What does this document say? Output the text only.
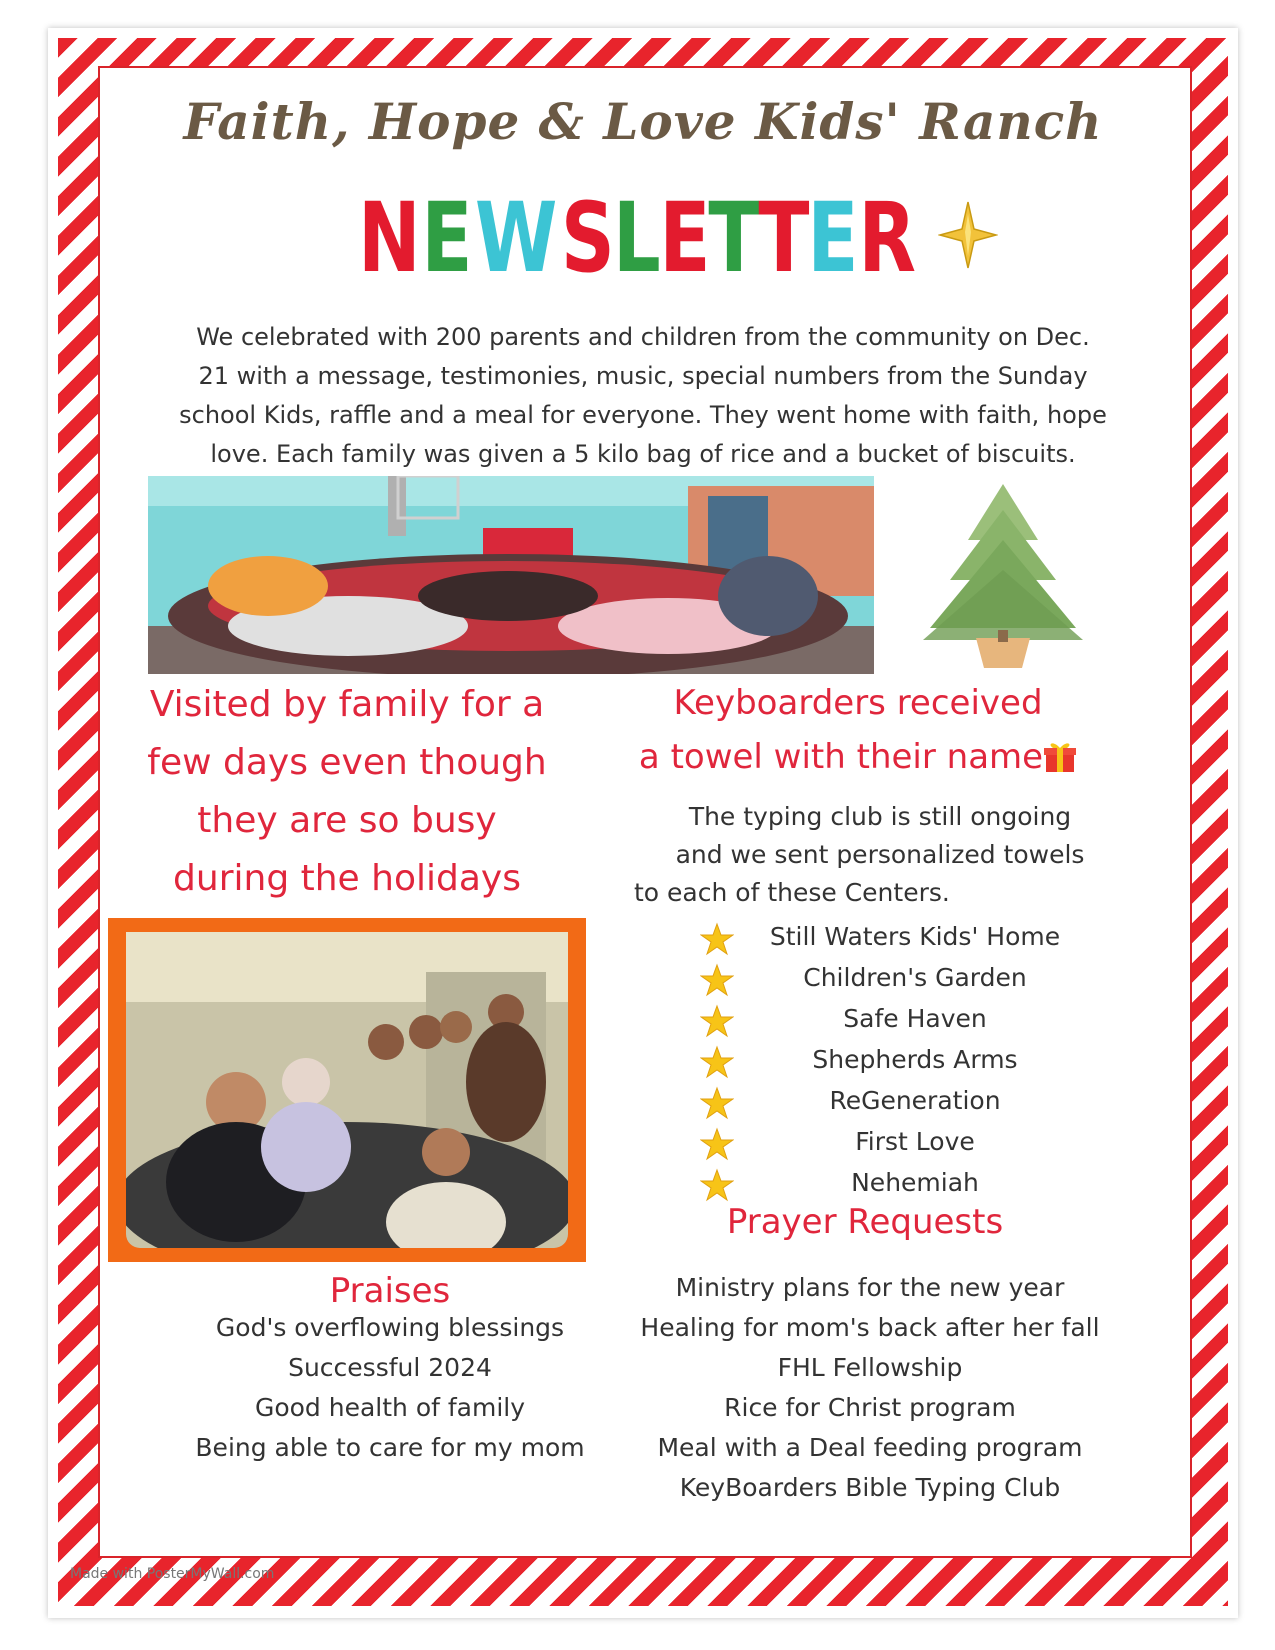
Faith, Hope & Love Kids' Ranch
NEWSLETTER
We celebrated with 200 parents and children from the community on Dec.
21 with a message, testimonies, music, special numbers from the Sunday
school Kids, raffle and a meal for everyone. They went home with faith, hope
love. Each family was given a 5 kilo bag of rice and a bucket of biscuits.
Visited by family for a
few days even though
they are so busy
during the holidays
Keyboarders received
a towel with their name

The typing club is still ongoing

and we sent personalized towels

to each of these Centers.

Still Waters Kids' Home
Children's Garden
Safe Haven
Shepherds Arms
ReGeneration
First Love
Nehemiah
Prayer Requests
Praises
God's overflowing blessings
Successful 2024
Good health of family
Being able to care for my mom
Ministry plans for the new year
Healing for mom's back after her fall
FHL Fellowship
Rice for Christ program
Meal with a Deal feeding program
KeyBoarders Bible Typing Club
Made with PosterMyWall.com
